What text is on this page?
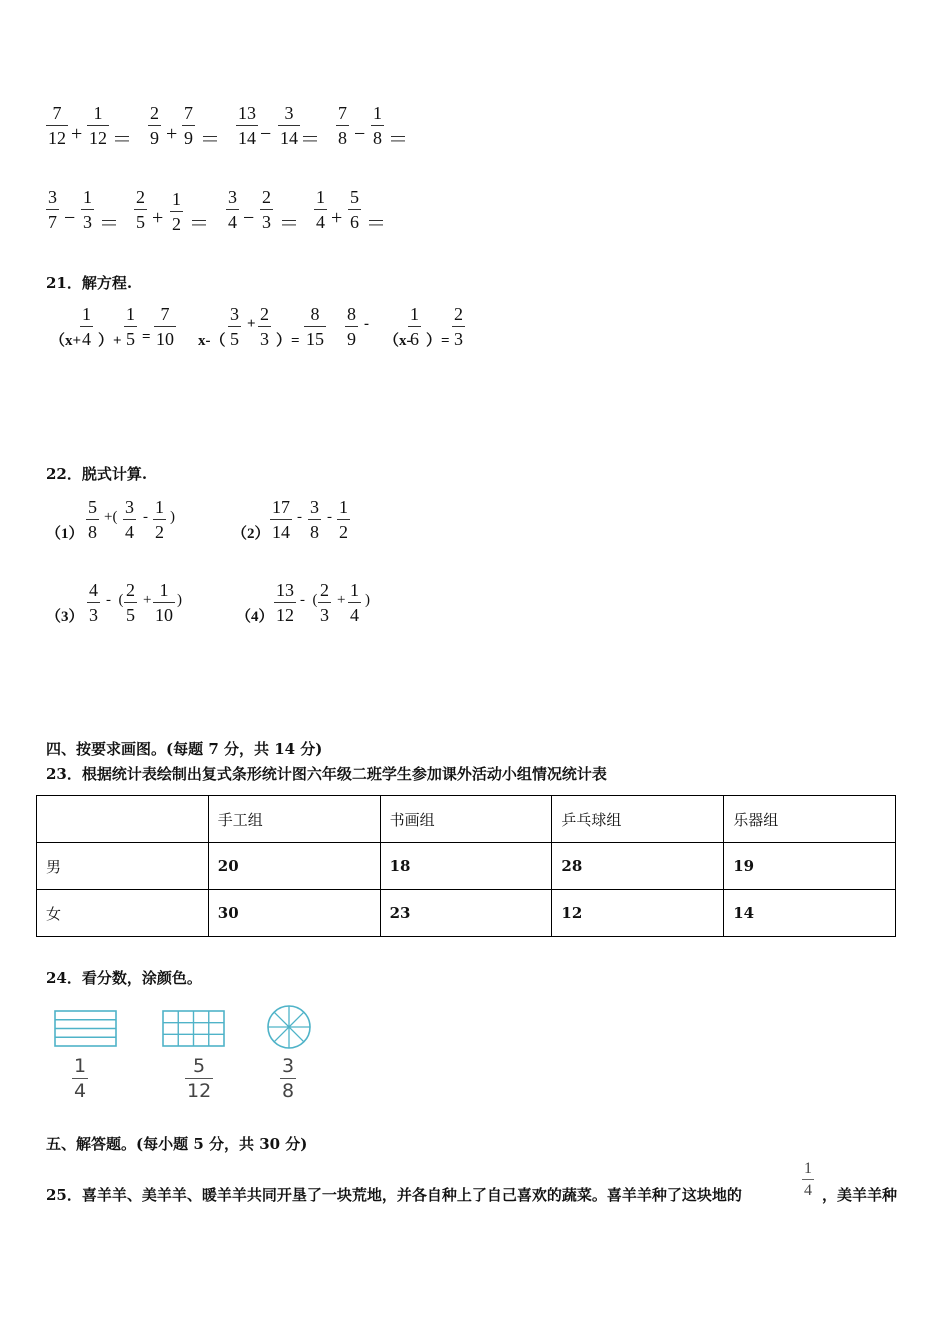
7
12 +
1
12 ＝
2
9 +
7
9 ＝
13
14 −
3
14 ＝
7
8 −
1
8 ＝
3
7 −
1
3 ＝
2
5 +
1
2 ＝
3
4 −
2
3 ＝
1
4 +
5
6 ＝
21．解方程.
（x+
1
4 ）+
1
5 =
7
10 x-（
3
5
+ 2
3 ）=
8
15
8
9
-
（x-
1
6 ）=
2
3
22．脱式计算.
（1）
5
8
+( 3
4
- 1
2
)
（2）
17
14
- 3
8
- 1
2
（3）
4
3
-  ( 2
5
+ 1
10
)
（4）
13
12
-  ( 2
3
+ 1
4
)
四、按要求画图。(每题 7 分，共 14 分)
23．根据统计表绘制出复式条形统计图六年级二班学生参加课外活动小组情况统计表
	手工组	书画组	乒乓球组	乐器组
男	20	18	28	19
女	30	23	12	14
24．看分数，涂颜色。
1
4
5
12
3
8
五、解答题。(每小题 5 分，共 30 分)
25．喜羊羊、美羊羊、暖羊羊共同开垦了一块荒地，并各自种上了自己喜欢的蔬菜。喜羊羊种了这块地的
1
4 ，美羊羊种
